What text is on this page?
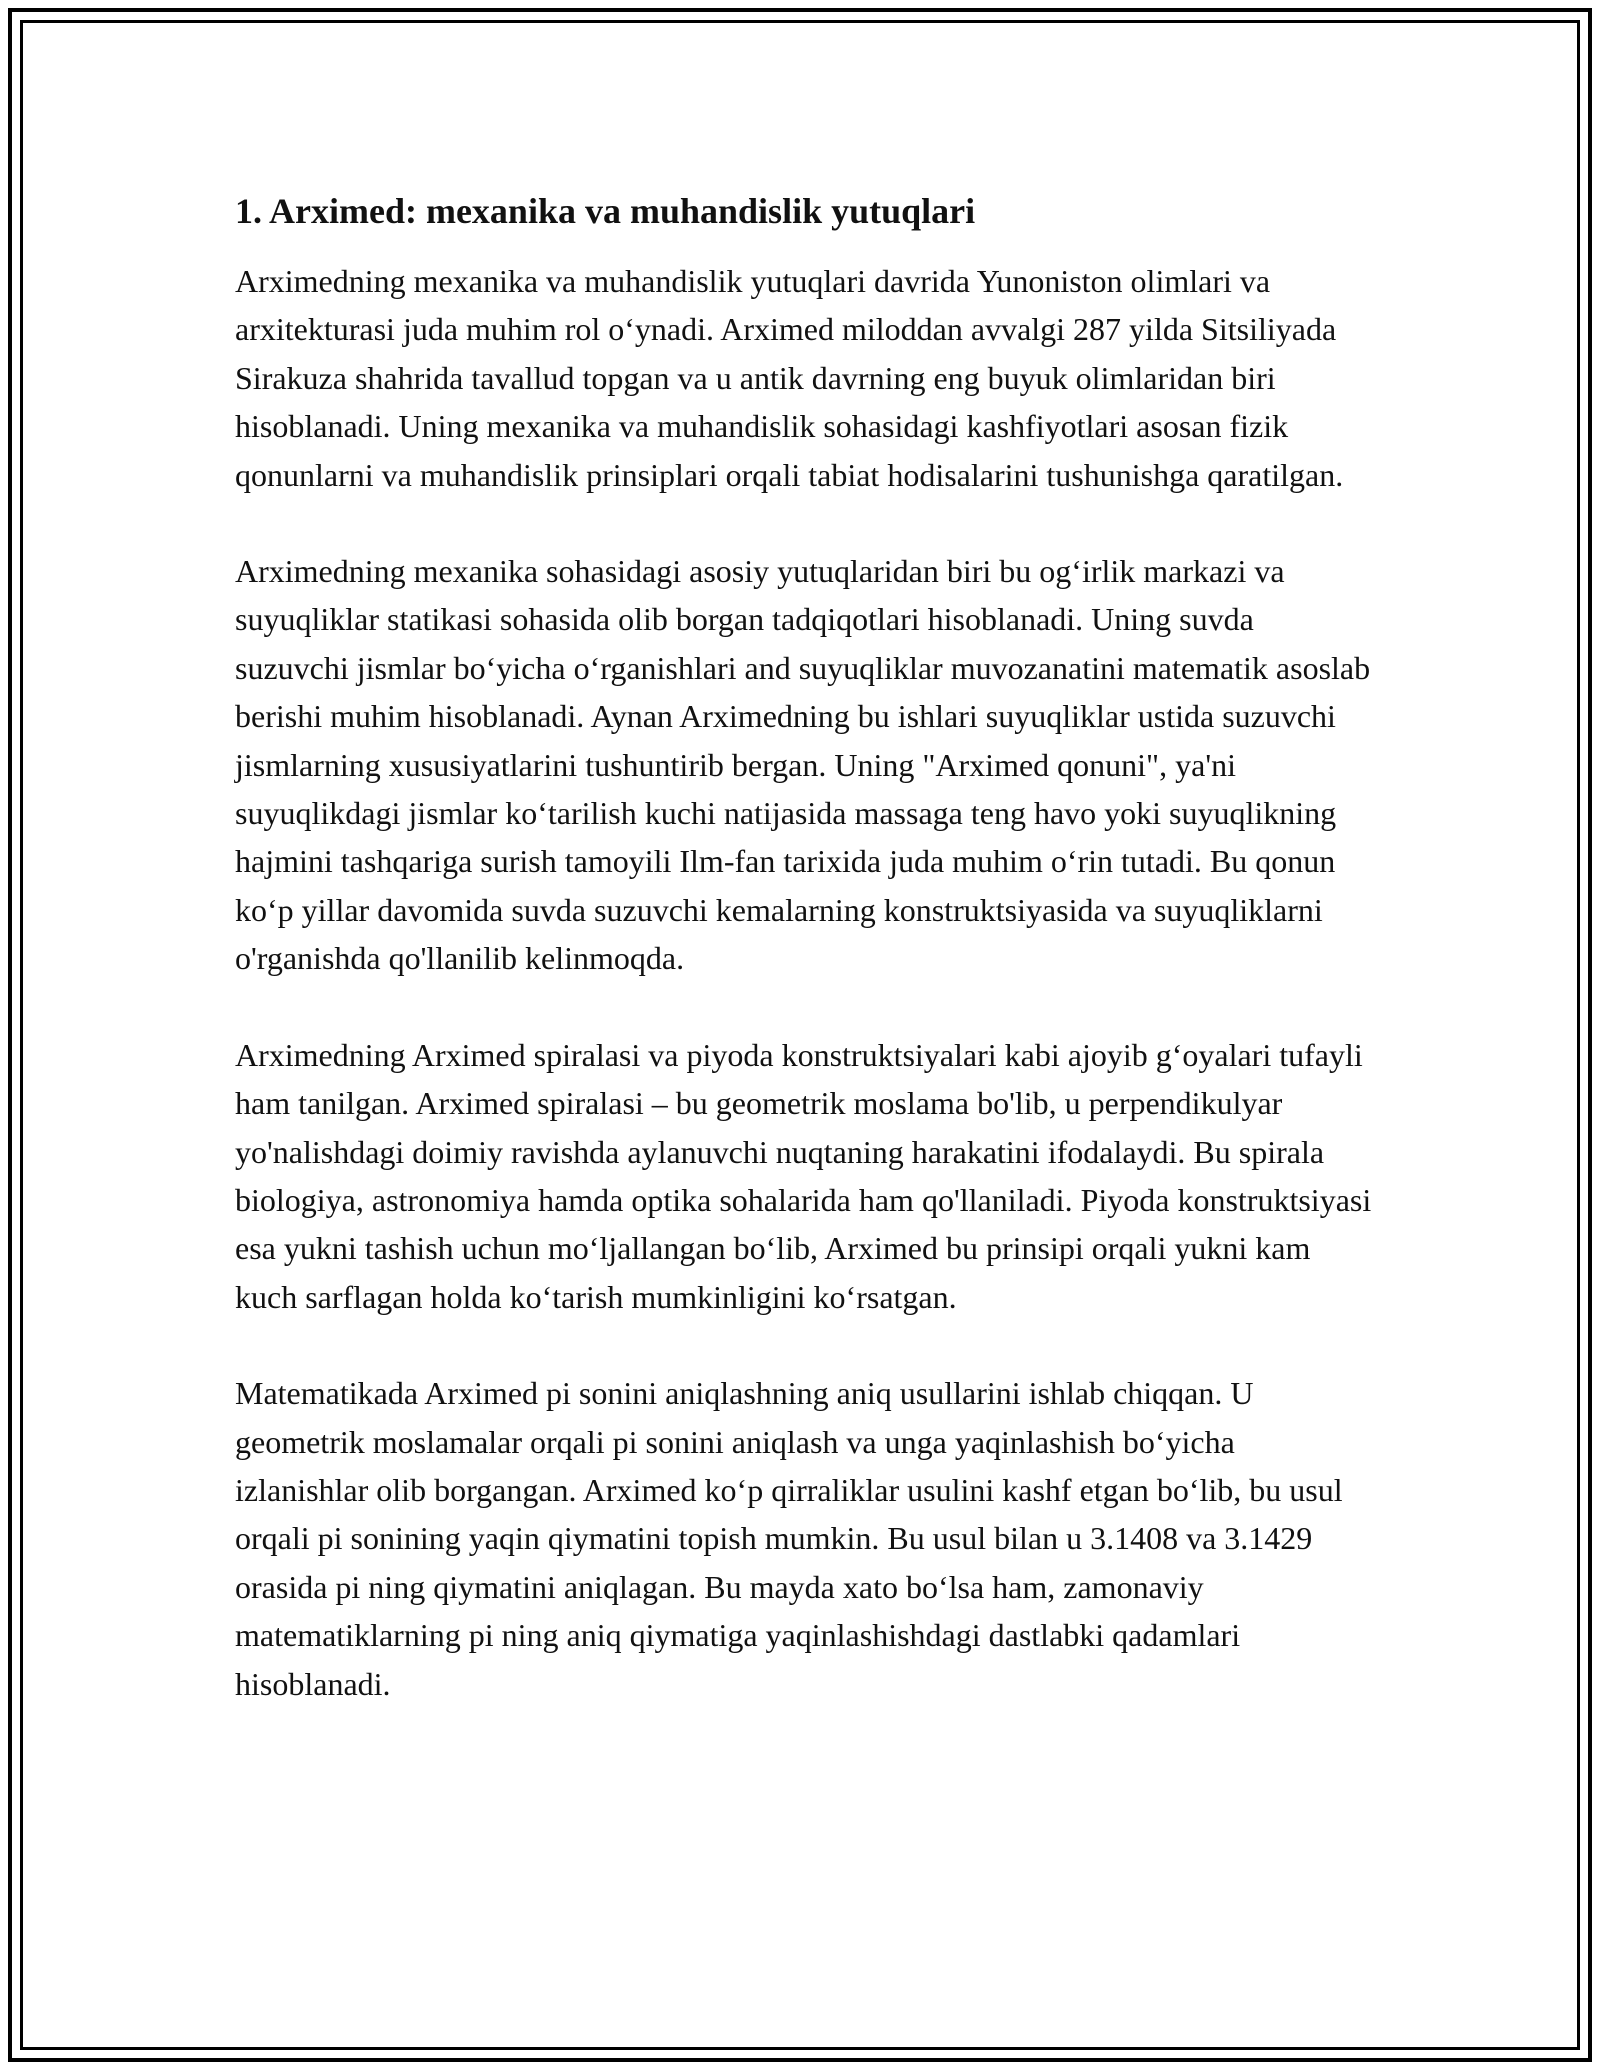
1. Arximed: mexanika va muhandislik yutuqlari

Arximedning mexanika va muhandislik yutuqlari davrida Yunoniston olimlari va arxitekturasi juda muhim rol oʻynadi. Arximed miloddan avvalgi 287 yilda Sitsiliyada Sirakuza shahrida tavallud topgan va u antik davrning eng buyuk olimlaridan biri hisoblanadi. Uning mexanika va muhandislik sohasidagi kashfiyotlari asosan fizik qonunlarni va muhandislik prinsiplari orqali tabiat hodisalarini tushunishga qaratilgan.

Arximedning mexanika sohasidagi asosiy yutuqlaridan biri bu ogʻirlik markazi va suyuqliklar statikasi sohasida olib borgan tadqiqotlari hisoblanadi. Uning suvda suzuvchi jismlar boʻyicha oʻrganishlari and suyuqliklar muvozanatini matematik asoslab berishi muhim hisoblanadi. Aynan Arximedning bu ishlari suyuqliklar ustida suzuvchi jismlarning xususiyatlarini tushuntirib bergan. Uning "Arximed qonuni", ya'ni suyuqlikdagi jismlar koʻtarilish kuchi natijasida massaga teng havo yoki suyuqlikning hajmini tashqariga surish tamoyili Ilm-fan tarixida juda muhim oʻrin tutadi. Bu qonun koʻp yillar davomida suvda suzuvchi kemalarning konstruktsiyasida va suyuqliklarni o'rganishda qo'llanilib kelinmoqda.

Arximedning Arximed spiralasi va piyoda konstruktsiyalari kabi ajoyib gʻoyalari tufayli ham tanilgan. Arximed spiralasi – bu geometrik moslama bo'lib, u perpendikulyar yo'nalishdagi doimiy ravishda aylanuvchi nuqtaning harakatini ifodalaydi. Bu spirala biologiya, astronomiya hamda optika sohalarida ham qo'llaniladi. Piyoda konstruktsiyasi esa yukni tashish uchun moʻljallangan boʻlib, Arximed bu prinsipi orqali yukni kam kuch sarflagan holda koʻtarish mumkinligini koʻrsatgan.

Matematikada Arximed pi sonini aniqlashning aniq usullarini ishlab chiqqan. U geometrik moslamalar orqali pi sonini aniqlash va unga yaqinlashish boʻyicha izlanishlar olib borgangan. Arximed koʻp qirraliklar usulini kashf etgan boʻlib, bu usul orqali pi sonining yaqin qiymatini topish mumkin. Bu usul bilan u 3.1408 va 3.1429 orasida pi ning qiymatini aniqlagan. Bu mayda xato boʻlsa ham, zamonaviy matematiklarning pi ning aniq qiymatiga yaqinlashishdagi dastlabki qadamlari hisoblanadi.
